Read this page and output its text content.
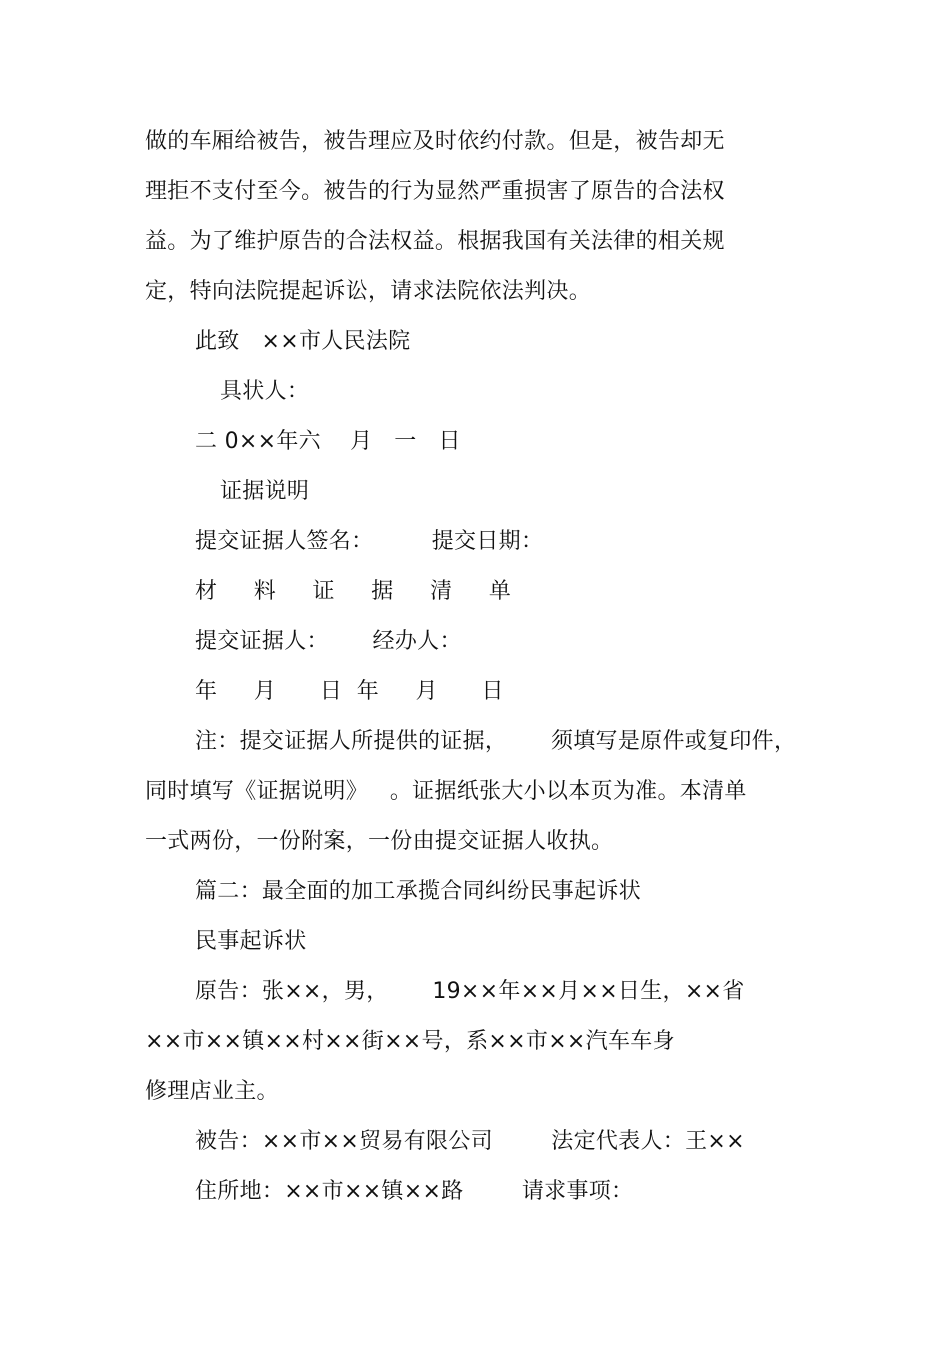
做的车厢给被告，被告理应及时依约付款。但是，被告却无
理拒不支付至今。被告的行为显然严重损害了原告的合法权
益。为了维护原告的合法权益。根据我国有关法律的相关规
定，特向法院提起诉讼，请求法院依法判决。
此致   ××市人民法院
具状人：
二 0××年六    月   一   日
证据说明
提交证据人签名：        提交日期：
材     料     证     据     清     单
提交证据人：      经办人：
年     月      日  年     月      日
注：提交证据人所提供的证据，      须填写是原件或复印件，
同时填写《证据说明》   。证据纸张大小以本页为准。本清单
一式两份，一份附案，一份由提交证据人收执。
篇二：最全面的加工承揽合同纠纷民事起诉状
民事起诉状
原告：张××，男，      19××年××月××日生，××省
××市××镇××村××街××号，系××市××汽车车身
修理店业主。
被告：××市××贸易有限公司        法定代表人：王××
住所地：××市××镇××路        请求事项：
